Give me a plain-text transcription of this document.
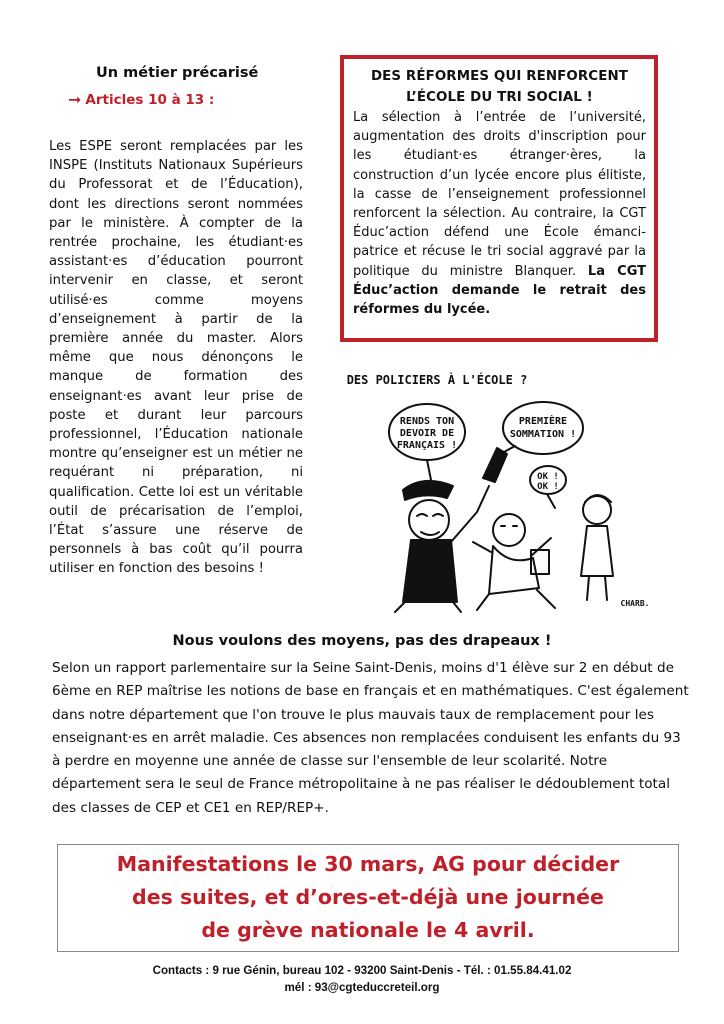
Un métier précarisé
➞ Articles 10 à 13 :
Les ESPE seront remplacées par les INSPE (Instituts Nationaux Supérieurs du Professorat et de l’Éducation), dont les directions seront nommées par le ministère. À compter de la rentrée prochaine, les étudiant·es assistant·es d’éducation pourront intervenir en classe, et seront utilisé·es comme moyens d’enseignement à partir de la première année du master. Alors même que nous dénonçons le manque de formation des enseignant·es avant leur prise de poste et durant leur parcours professionnel, l’Éducation nationale montre qu’enseigner est un métier ne requérant ni préparation, ni qualification. Cette loi est un véritable outil de précarisation de l’emploi, l’État s’assure une réserve de personnels à bas coût qu’il pourra utiliser en fonction des besoins !
DES RÉFORMES QUI RENFORCENT
L’ÉCOLE DU TRI SOCIAL !
La sélection à l’entrée de l’université, augmentation des droits d'inscription pour les étudiant·es étranger·ères, la construction d’un lycée encore plus élitiste, la casse de l’enseignement professionnel renforcent la sélection. Au contraire, la CGT Éduc’action défend une École émanci-patrice et récuse le tri social aggravé par la politique du ministre Blanquer. La CGT Éduc’action demande le retrait des réformes du lycée.
DES POLICIERS À L'ÉCOLE ?
RENDS TON
DEVOIR DE
FRANÇAIS !
PREMIÈRE
SOMMATION !
OK !
OK !
CHARB.
Nous voulons des moyens, pas des drapeaux !
Selon un rapport parlementaire sur la Seine Saint-Denis, moins d'1 élève sur 2 en début de 6ème en REP maîtrise les notions de base en français et en mathématiques. C'est également dans notre département que l'on trouve le plus mauvais taux de remplacement pour les enseignant·es en arrêt maladie. Ces absences non remplacées conduisent les enfants du 93 à perdre en moyenne une année de classe sur l'ensemble de leur scolarité. Notre département sera le seul de France métropolitaine à ne pas réaliser le dédoublement total des classes de CEP et CE1 en REP/REP+.
Manifestations le 30 mars, AG pour décider
des suites, et d’ores-et-déjà une journée
de grève nationale le 4 avril.
Contacts : 9 rue Génin, bureau 102 - 93200 Saint-Denis - Tél. : 01.55.84.41.02
mél : 93@cgteduccreteil.org
